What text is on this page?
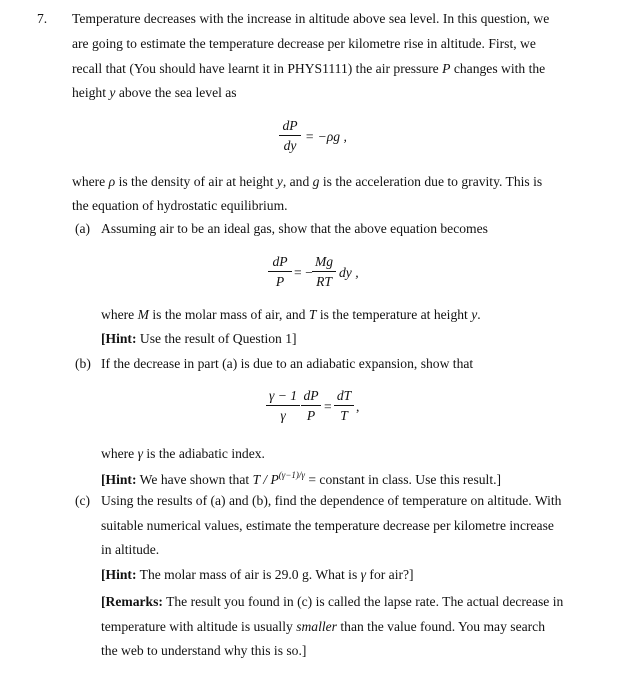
7. Temperature decreases with the increase in altitude above sea level. In this question, we
are going to estimate the temperature decrease per kilometre rise in altitude. First, we
recall that (You should have learnt it in PHYS1111) the air pressure P changes with the
height y above the sea level as
dP
dy
= −ρg ,
where ρ is the density of air at height y, and g is the acceleration due to gravity. This is
the equation of hydrostatic equilibrium.
(a) Assuming air to be an ideal gas, show that the above equation becomes
dP
P
= −
Mg
RT
dy ,
where M is the molar mass of air, and T is the temperature at height y.
[Hint: Use the result of Question 1]
(b) If the decrease in part (a) is due to an adiabatic expansion, show that
γ − 1
γ
dP
P
=
dT
T
,
where γ is the adiabatic index.
[Hint: We have shown that T / $P^{(\gamma-1)/\gamma}$ = constant in class. Use this result.]
(c) Using the results of (a) and (b), find the dependence of temperature on altitude. With
suitable numerical values, estimate the temperature decrease per kilometre increase
in altitude.
[Hint: The molar mass of air is 29.0 g. What is γ for air?]
[Remarks: The result you found in (c) is called the lapse rate. The actual decrease in
temperature with altitude is usually smaller than the value found. You may search
the web to understand why this is so.]
